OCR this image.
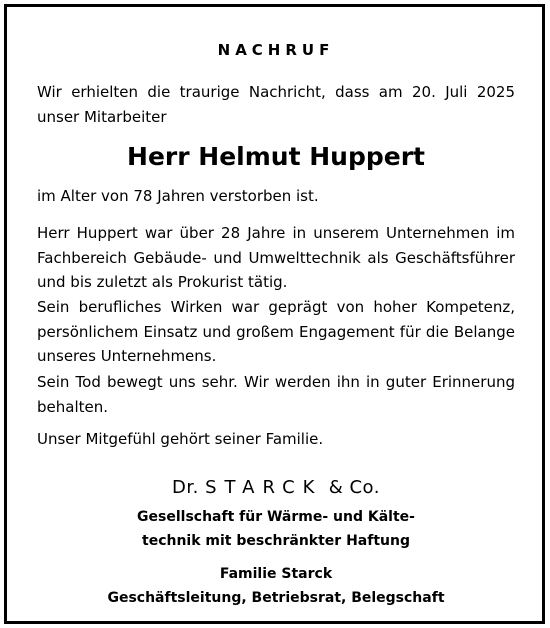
NACHRUF

Wir erhielten die traurige Nachricht, dass am 20. Juli 2025 unser Mitarbeiter

Herr Helmut Huppert

im Alter von 78 Jahren verstorben ist.

Herr Huppert war über 28 Jahre in unserem Unternehmen im Fachbereich Gebäude- und Umwelttechnik als Geschäftsführer und bis zuletzt als Prokurist tätig.

Sein berufliches Wirken war geprägt von hoher Kompetenz, persönlichem Einsatz und großem Engagement für die Belange unseres Unternehmens.

Sein Tod bewegt uns sehr. Wir werden ihn in guter Erinnerung behalten.

Unser Mitgefühl gehört seiner Familie.

Dr. STARCK & Co.
Gesellschaft für Wärme- und Kälte-
technik mit beschränkter Haftung
Familie Starck
Geschäftsleitung, Betriebsrat, Belegschaft
